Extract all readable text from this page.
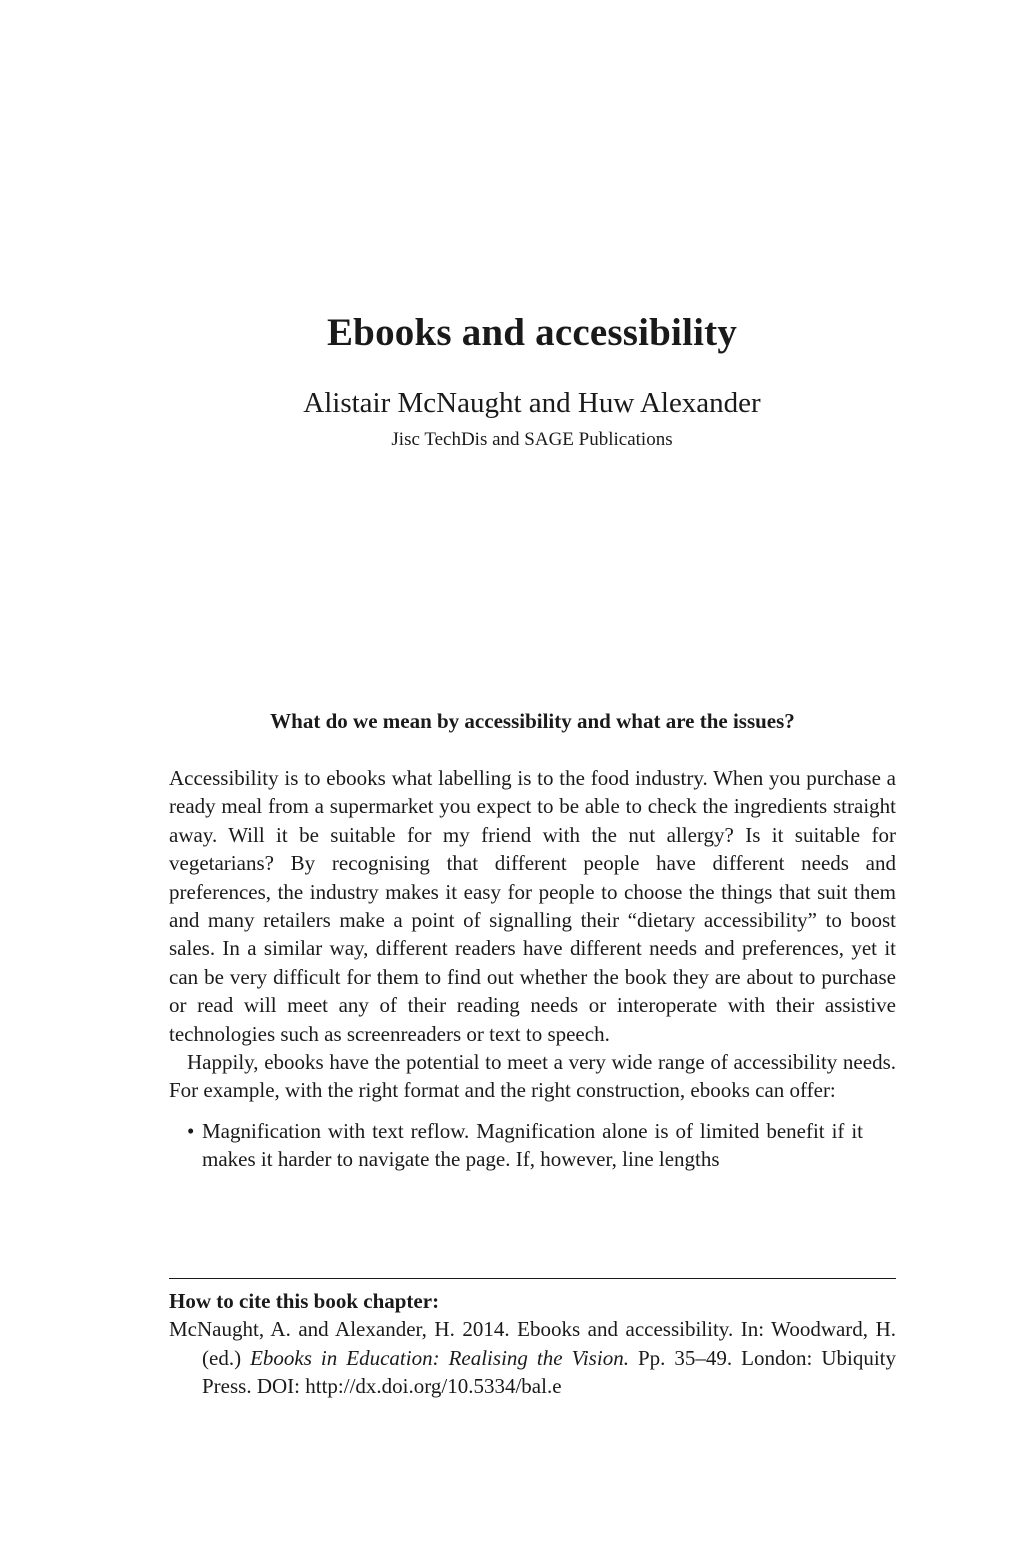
Ebooks and accessibility

Alistair McNaught and Huw Alexander

Jisc TechDis and SAGE Publications

What do we mean by accessibility and what are the issues?

Accessibility is to ebooks what labelling is to the food industry. When you purchase a ready meal from a supermarket you expect to be able to check the ingredients straight away. Will it be suitable for my friend with the nut allergy? Is it suitable for vegetarians? By recognising that different people have different needs and preferences, the industry makes it easy for people to choose the things that suit them and many retailers make a point of signalling their “dietary accessibility” to boost sales. In a similar way, different readers have different needs and preferences, yet it can be very difficult for them to find out whether the book they are about to purchase or read will meet any of their reading needs or interoperate with their assistive technologies such as screenreaders or text to speech.

Happily, ebooks have the potential to meet a very wide range of accessibility needs. For example, with the right format and the right construction, ebooks can offer:

• Magnification with text reflow. Magnification alone is of limited benefit if it makes it harder to navigate the page. If, however, line lengths

How to cite this book chapter:

McNaught, A. and Alexander, H. 2014. Ebooks and accessibility. In: Woodward, H. (ed.) Ebooks in Education: Realising the Vision. Pp. 35–49. London: Ubiquity Press. DOI: http://dx.doi.org/10.5334/bal.e
